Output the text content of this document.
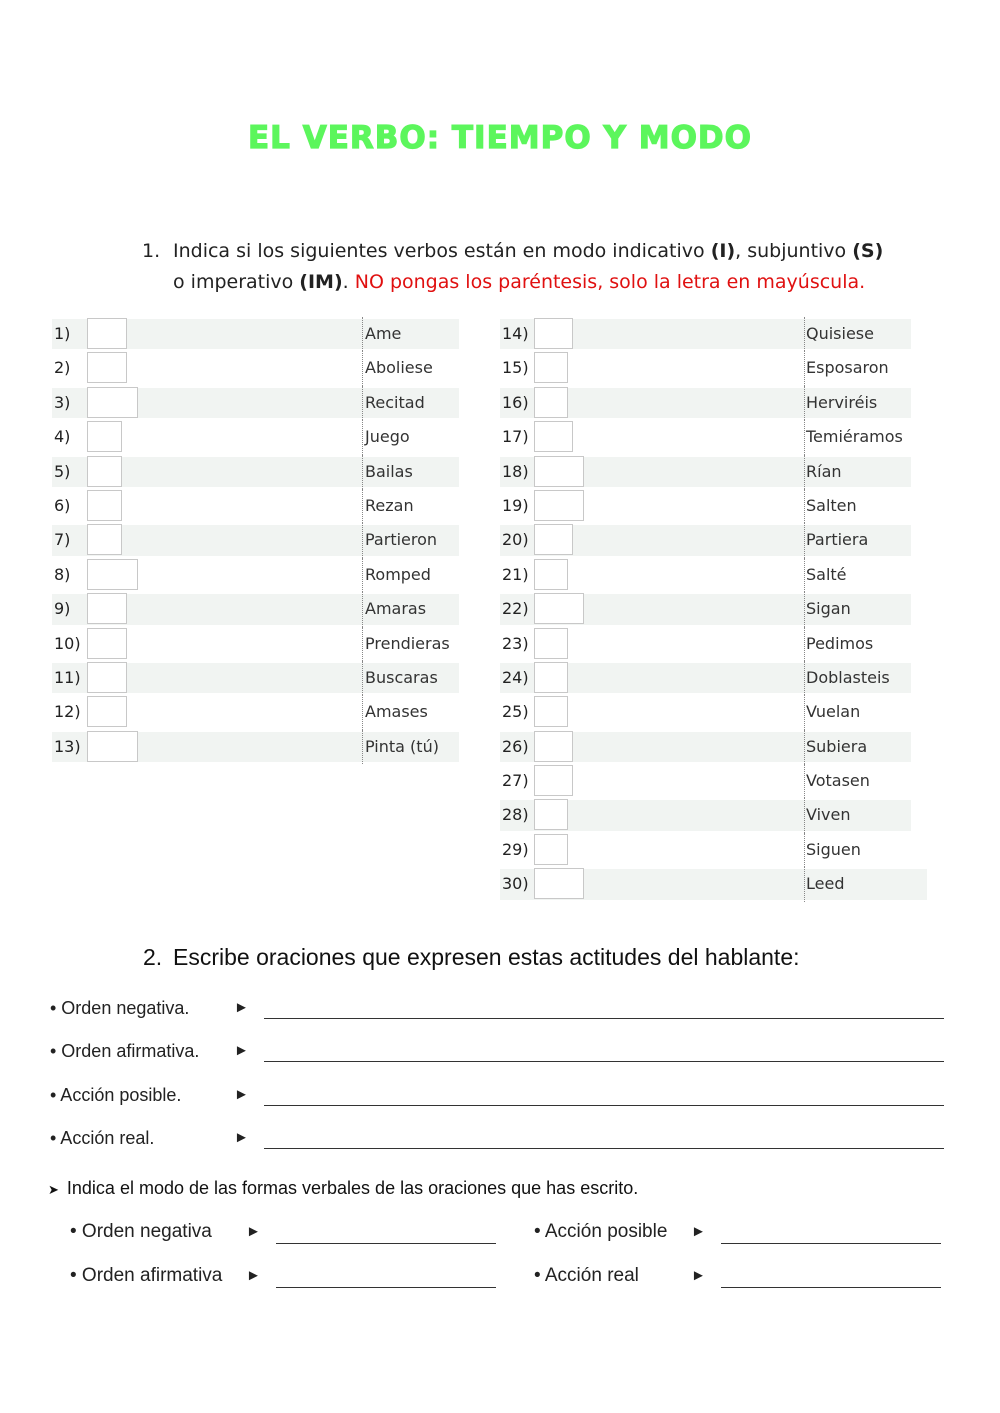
EL VERBO: TIEMPO Y MODO
1. Indica si los siguientes verbos están en modo indicativo (I), subjuntivo (S)
o imperativo (IM). NO pongas los paréntesis, solo la letra en mayúscula.
1)	Ame
2)	Aboliese
3)	Recitad
4)	Juego
5)	Bailas
6)	Rezan
7)	Partieron
8)	Romped
9)	Amaras
10)	Prendieras
11)	Buscaras
12)	Amases
13)	Pinta (tú)
14)	Quisiese
15)	Esposaron
16)	Herviréis
17)	Temiéramos
18)	Rían
19)	Salten
20)	Partiera
21)	Salté
22)	Sigan
23)	Pedimos
24)	Doblasteis
25)	Vuelan
26)	Subiera
27)	Votasen
28)	Viven
29)	Siguen
30)	Leed
2. Escribe oraciones que expresen estas actitudes del hablante:
• Orden negativa.	►
• Orden afirmativa. ►
• Acción posible.	►
• Acción real.	►
➤ Indica el modo de las formas verbales de las oraciones que has escrito.
• Orden negativa ►	• Acción posible ►
• Orden afirmativa ►	• Acción real	►
